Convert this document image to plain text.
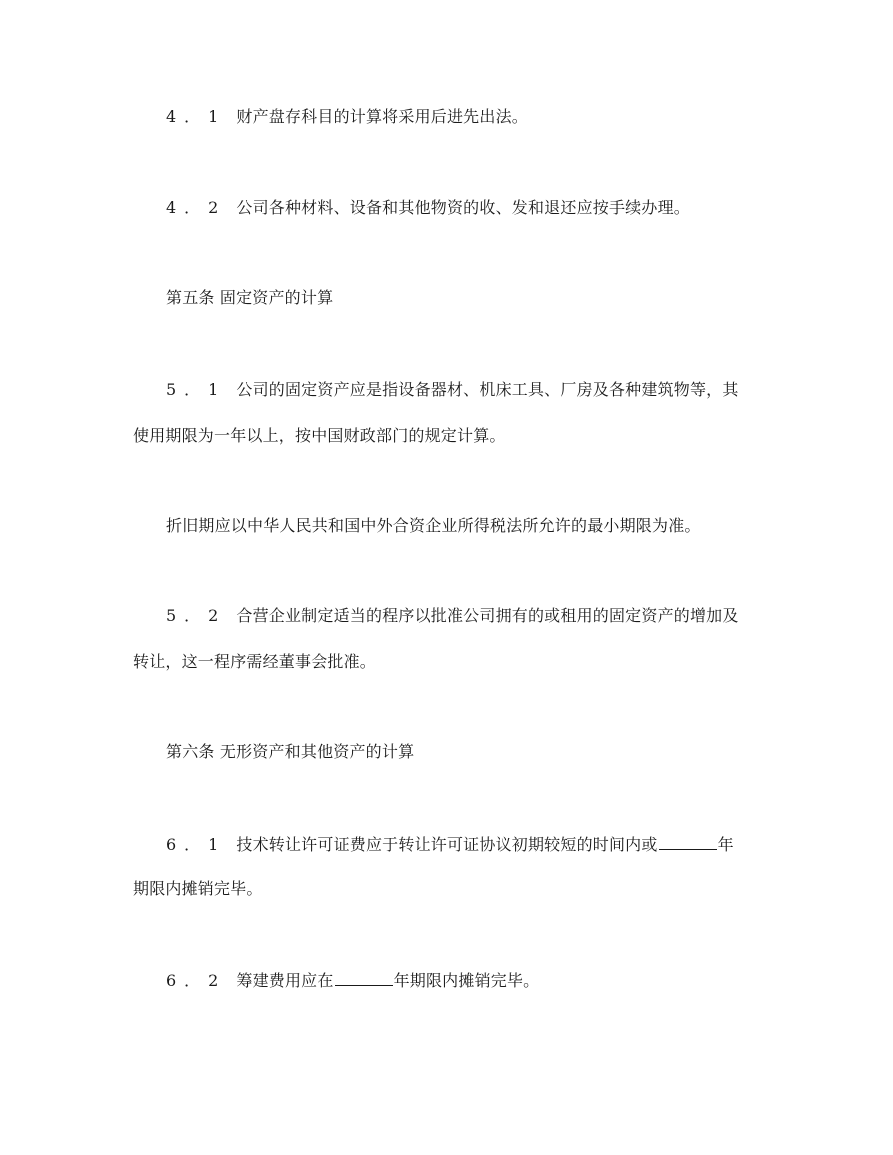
4．1 财产盘存科目的计算将采用后进先出法。
4．2 公司各种材料、设备和其他物资的收、发和退还应按手续办理。
第五条 固定资产的计算
5．1 公司的固定资产应是指设备器材、机床工具、厂房及各种建筑物等，其
使用期限为一年以上，按中国财政部门的规定计算。
折旧期应以中华人民共和国中外合资企业所得税法所允许的最小期限为准。
5．2 合营企业制定适当的程序以批准公司拥有的或租用的固定资产的增加及
转让，这一程序需经董事会批准。
第六条 无形资产和其他资产的计算
6．1 技术转让许可证费应于转让许可证协议初期较短的时间内或	年
期限内摊销完毕。
6．2 筹建费用应在	年期限内摊销完毕。
